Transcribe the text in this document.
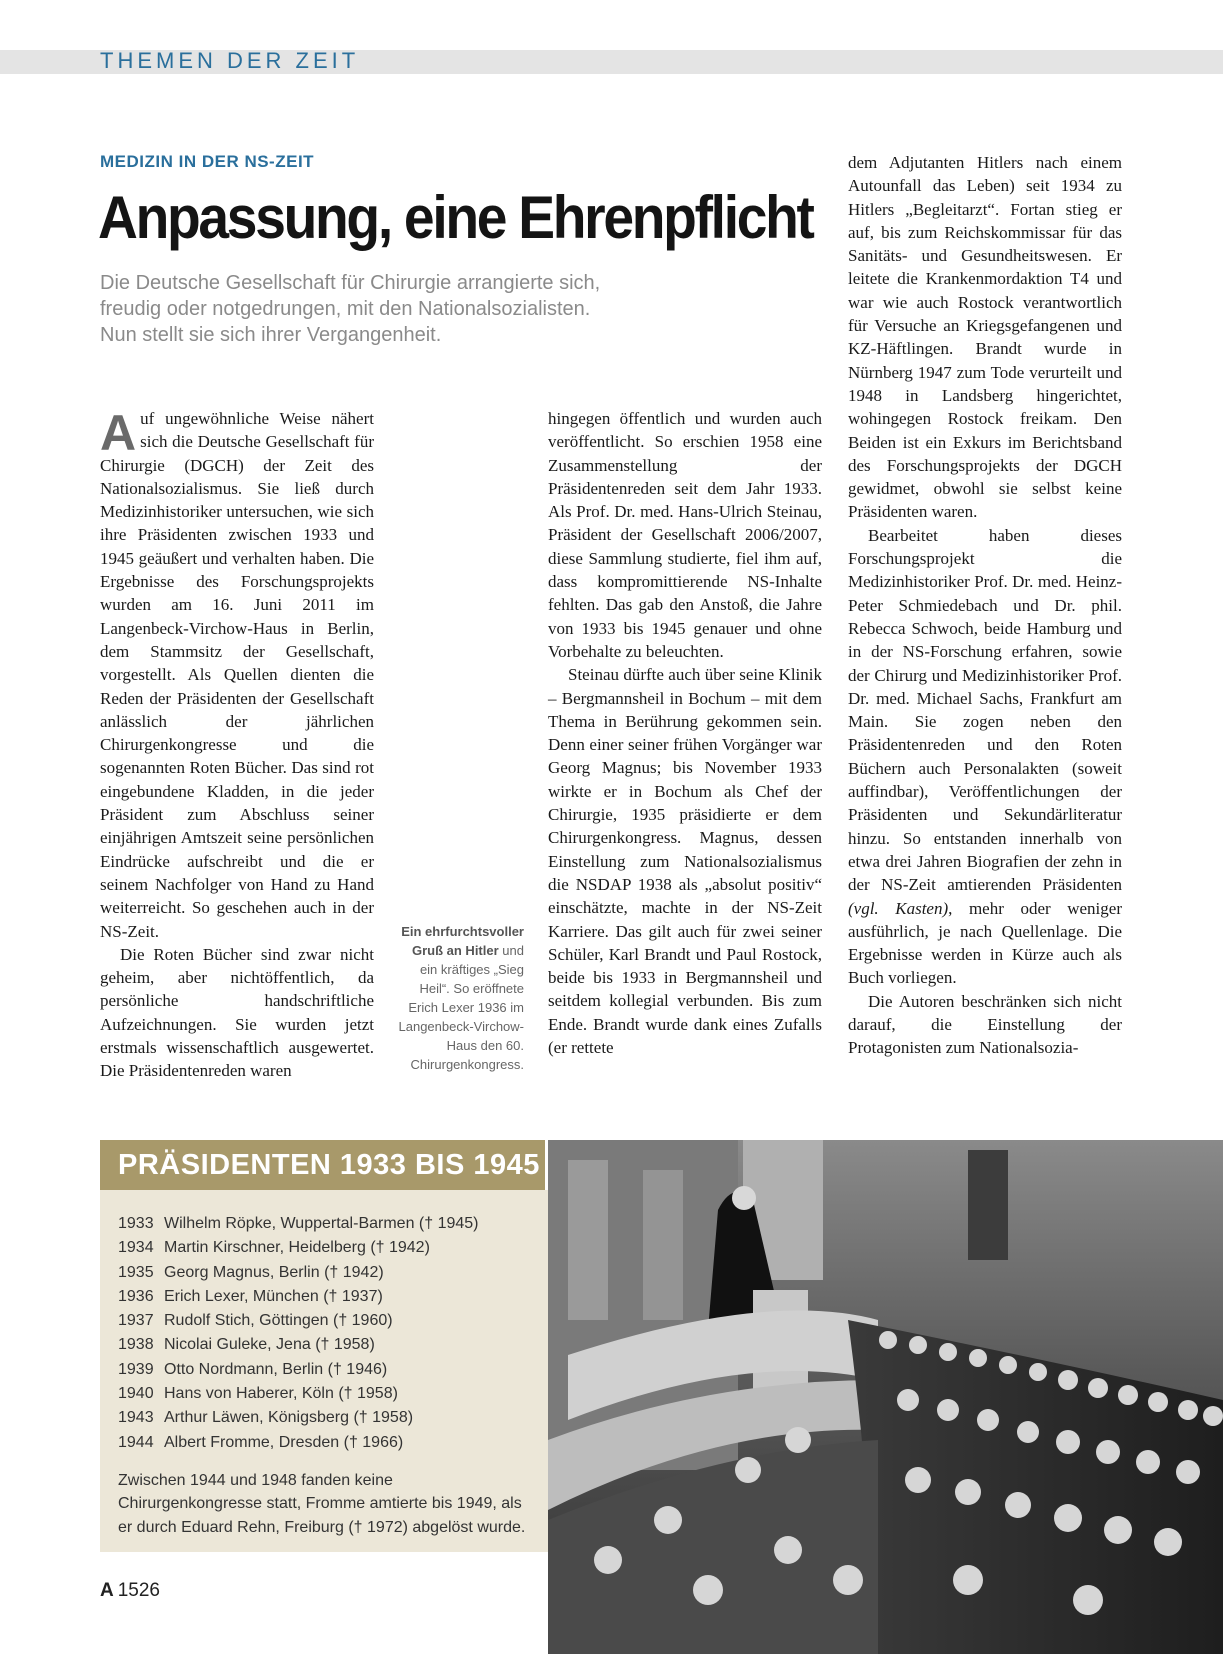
THEMEN DER ZEIT
MEDIZIN IN DER NS-ZEIT
Anpassung, eine Ehrenpflicht
Die Deutsche Gesellschaft für Chirurgie arrangierte sich,
freudig oder notgedrungen, mit den Nationalsozialisten.
Nun stellt sie sich ihrer Vergangenheit.

Auf ungewöhnliche Weise nähert sich die Deutsche Gesellschaft für Chirurgie (DGCH) der Zeit des Nationalsozialismus. Sie ließ durch Medizinhistoriker untersuchen, wie sich ihre Präsidenten zwischen 1933 und 1945 geäußert und verhalten haben. Die Ergebnisse des Forschungsprojekts wurden am 16. Juni 2011 im Langenbeck-Virchow-Haus in Berlin, dem Stammsitz der Gesellschaft, vorgestellt. Als Quellen dienten die Reden der Präsidenten der Gesellschaft anlässlich der jährlichen Chirurgenkongresse und die sogenannten Roten Bücher. Das sind rot eingebundene Kladden, in die jeder Präsident zum Abschluss seiner einjährigen Amtszeit seine persönlichen Eindrücke aufschreibt und die er seinem Nachfolger von Hand zu Hand weiterreicht. So geschehen auch in der NS-Zeit.

Die Roten Bücher sind zwar nicht geheim, aber nichtöffentlich, da persönliche handschriftliche Aufzeichnungen. Sie wurden jetzt erstmals wissenschaftlich ausgewertet. Die Präsidentenreden waren

Ein ehrfurchtsvoller Gruß an Hitler und ein kräftiges „Sieg Heil“. So eröffnete Erich Lexer 1936 im Langenbeck-Virchow-Haus den 60. Chirurgenkongress.

hingegen öffentlich und wurden auch veröffentlicht. So erschien 1958 eine Zusammenstellung der Präsidentenreden seit dem Jahr 1933. Als Prof. Dr. med. Hans-Ulrich Steinau, Präsident der Gesellschaft 2006/2007, diese Sammlung studierte, fiel ihm auf, dass kompromittierende NS-Inhalte fehlten. Das gab den Anstoß, die Jahre von 1933 bis 1945 genauer und ohne Vorbehalte zu beleuchten.

Steinau dürfte auch über seine Klinik – Bergmannsheil in Bochum – mit dem Thema in Berührung gekommen sein. Denn einer seiner frühen Vorgänger war Georg Magnus; bis November 1933 wirkte er in Bochum als Chef der Chirurgie, 1935 präsidierte er dem Chirurgenkongress. Magnus, dessen Einstellung zum Nationalsozialismus die NSDAP 1938 als „absolut positiv“ einschätzte, machte in der NS-Zeit Karriere. Das gilt auch für zwei seiner Schüler, Karl Brandt und Paul Rostock, beide bis 1933 in Bergmannsheil und seitdem kollegial verbunden. Bis zum Ende. Brandt wurde dank eines Zufalls (er rettete

dem Adjutanten Hitlers nach einem Autounfall das Leben) seit 1934 zu Hitlers „Begleitarzt“. Fortan stieg er auf, bis zum Reichskommissar für das Sanitäts- und Gesundheitswesen. Er leitete die Krankenmordaktion T4 und war wie auch Rostock verantwortlich für Versuche an Kriegsgefangenen und KZ-Häftlingen. Brandt wurde in Nürnberg 1947 zum Tode verurteilt und 1948 in Landsberg hingerichtet, wohingegen Rostock freikam. Den Beiden ist ein Exkurs im Berichtsband des Forschungsprojekts der DGCH gewidmet, obwohl sie selbst keine Präsidenten waren.

Bearbeitet haben dieses Forschungsprojekt die Medizinhistoriker Prof. Dr. med. Heinz-Peter Schmiedebach und Dr. phil. Rebecca Schwoch, beide Hamburg und in der NS-Forschung erfahren, sowie der Chirurg und Medizinhistoriker Prof. Dr. med. Michael Sachs, Frankfurt am Main. Sie zogen neben den Präsidentenreden und den Roten Büchern auch Personalakten (soweit auffindbar), Veröffentlichungen der Präsidenten und Sekundärliteratur hinzu. So entstanden innerhalb von etwa drei Jahren Biografien der zehn in der NS-Zeit amtierenden Präsidenten (vgl. Kasten), mehr oder weniger ausführlich, je nach Quellenlage. Die Ergebnisse werden in Kürze auch als Buch vorliegen.

Die Autoren beschränken sich nicht darauf, die Einstellung der Protagonisten zum Nationalsozia-

PRÄSIDENTEN 1933 BIS 1945
1933 Wilhelm Röpke, Wuppertal-Barmen († 1945)
1934 Martin Kirschner, Heidelberg († 1942)
1935 Georg Magnus, Berlin († 1942)
1936 Erich Lexer, München († 1937)
1937 Rudolf Stich, Göttingen († 1960)
1938 Nicolai Guleke, Jena († 1958)
1939 Otto Nordmann, Berlin († 1946)
1940 Hans von Haberer, Köln († 1958)
1943 Arthur Läwen, Königsberg († 1958)
1944 Albert Fromme, Dresden († 1966)
Zwischen 1944 und 1948 fanden keine Chirurgenkongresse statt, Fromme amtierte bis 1949, als er durch Eduard Rehn, Freiburg († 1972) abgelöst wurde.
A 1526
